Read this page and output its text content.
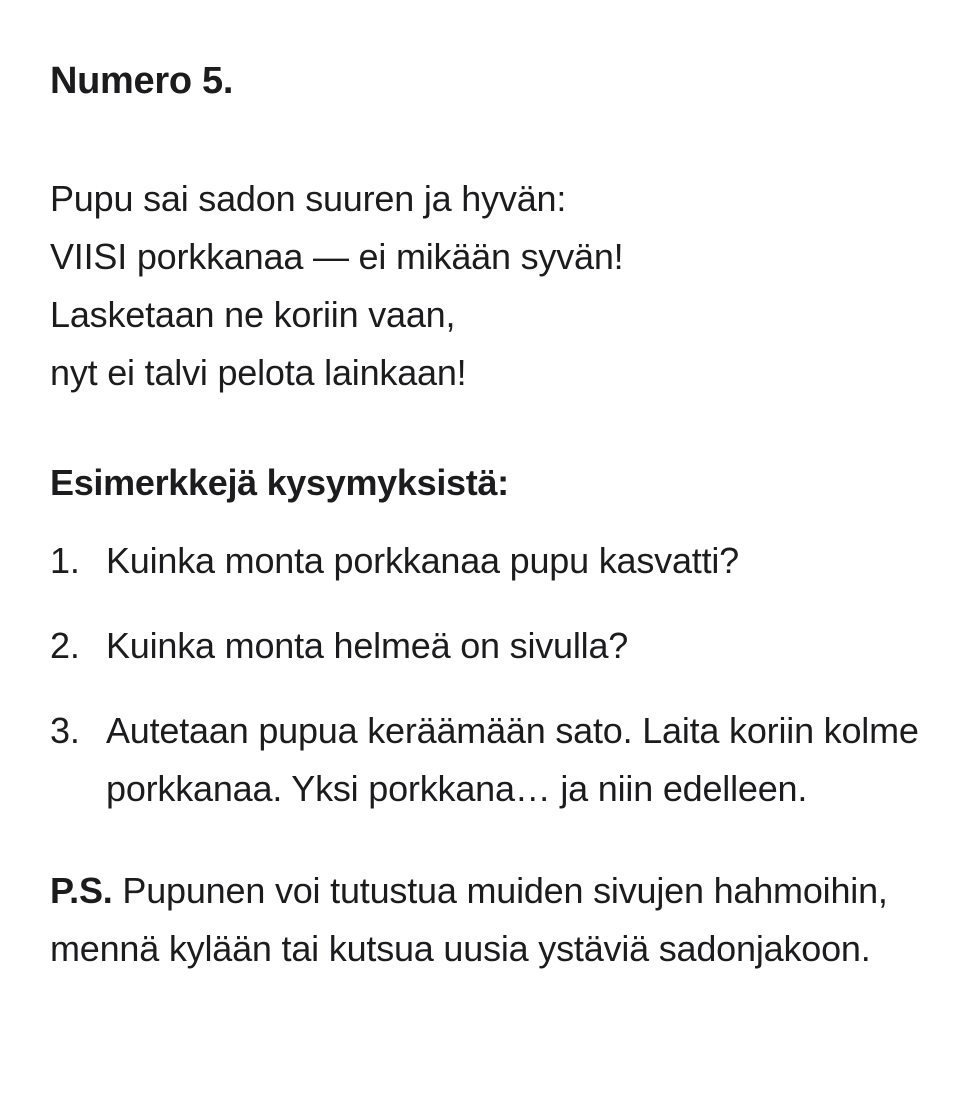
Numero 5.
Pupu sai sadon suuren ja hyvän:
VIISI porkkanaa — ei mikään syvän!
Lasketaan ne koriin vaan,
nyt ei talvi pelota lainkaan!
Esimerkkejä kysymyksistä:
1. Kuinka monta porkkanaa pupu kasvatti?
2. Kuinka monta helmeä on sivulla?
3. Autetaan pupua keräämään sato. Laita koriin kolme porkkanaa. Yksi porkkana… ja niin edelleen.
P.S. Pupunen voi tutustua muiden sivujen hahmoihin, mennä kylään tai kutsua uusia ystäviä sadonjakoon.
